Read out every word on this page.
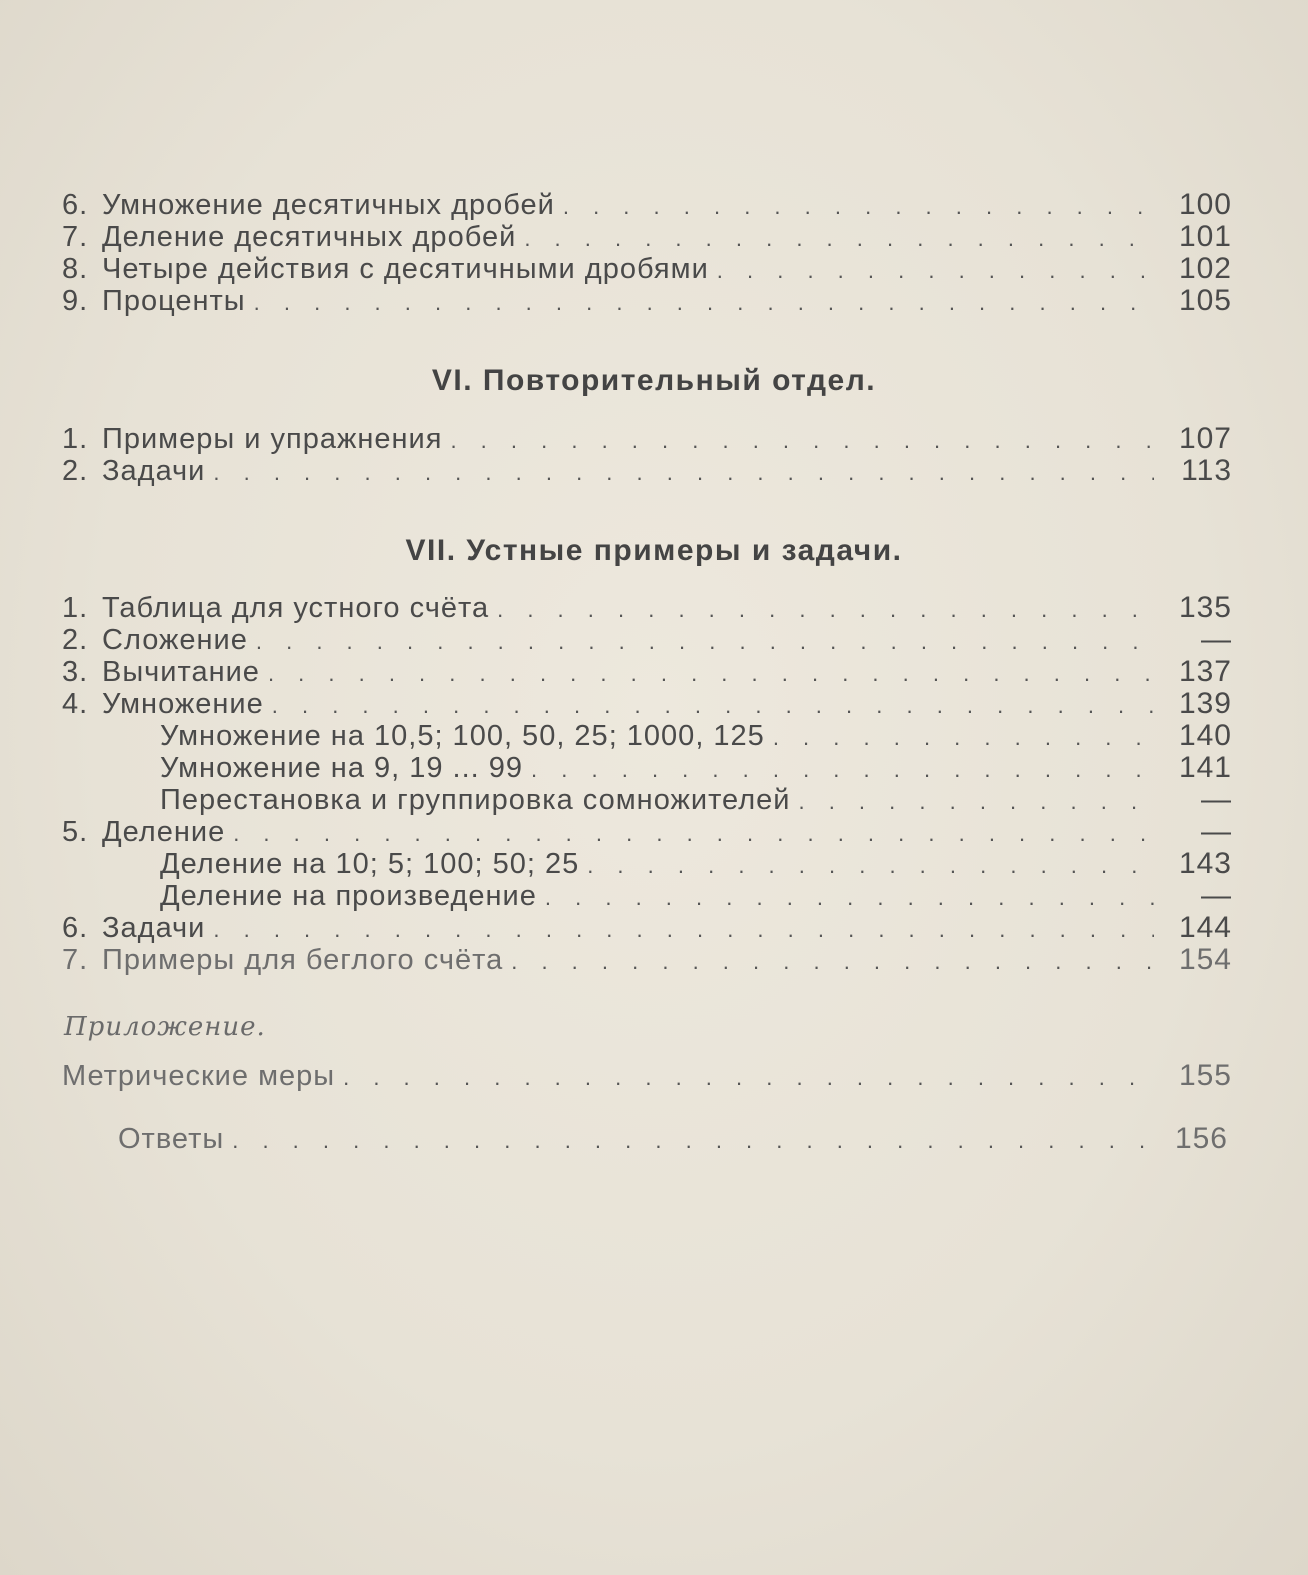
6. Умножение десятичных дробей . . .	100
7. Деление десятичных дробей . . .	101
8. Четыре действия с десятичными дробями . . .	102
9. Проценты . . .	105
VI. Повторительный отдел.
1. Примеры и упражнения . . .	107
2. Задачи . . .	113
VII. Устные примеры и задачи.
1. Таблица для устного счёта . . .	135
2. Сложение . . .	—
3. Вычитание . . .	137
4. Умножение . . .	139
Умножение на 10,5; 100, 50, 25; 1000, 125 . . .	140
Умножение на 9, 19 ... 99 . . .	141
Перестановка и группировка сомножителей . . .	—
5. Деление . . .	—
Деление на 10; 5; 100; 50; 25 . . .	143
Деление на произведение . . .	—
6. Задачи . . .	144
7. Примеры для беглого счёта . . .	154
Приложение.
Метрические меры . . .	155
Ответы . . .	156
